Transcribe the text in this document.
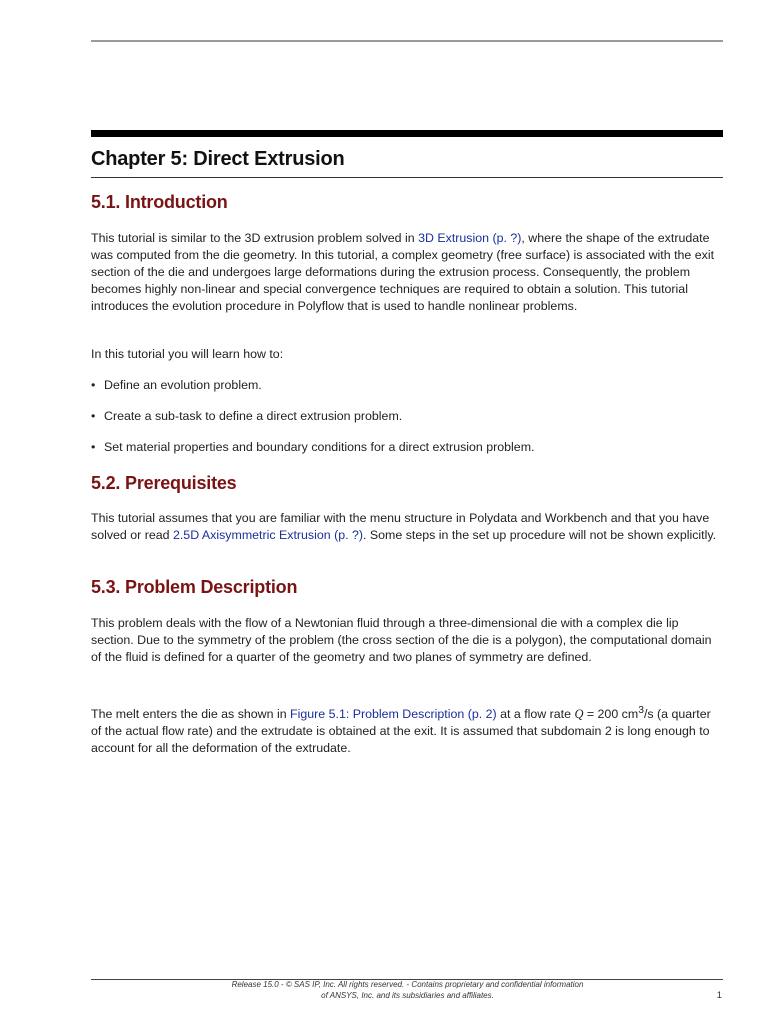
Chapter 5: Direct Extrusion
5.1. Introduction

This tutorial is similar to the 3D extrusion problem solved in 3D Extrusion (p. ?), where the shape of the extrudate was computed from the die geometry. In this tutorial, a complex geometry (free surface) is associated with the exit section of the die and undergoes large deformations during the extrusion process. Consequently, the problem becomes highly non-linear and special convergence techniques are required to obtain a solution. This tutorial introduces the evolution procedure in Polyflow that is used to handle nonlinear problems.

In this tutorial you will learn how to:

• Define an evolution problem.
• Create a sub-task to define a direct extrusion problem.
• Set material properties and boundary conditions for a direct extrusion problem.
5.2. Prerequisites

This tutorial assumes that you are familiar with the menu structure in Polydata and Workbench and that you have solved or read 2.5D Axisymmetric Extrusion (p. ?). Some steps in the set up procedure will not be shown explicitly.

5.3. Problem Description

This problem deals with the flow of a Newtonian fluid through a three-dimensional die with a complex die lip section. Due to the symmetry of the problem (the cross section of the die is a polygon), the computational domain of the fluid is defined for a quarter of the geometry and two planes of symmetry are defined.

The melt enters the die as shown in Figure 5.1: Problem Description (p. 2) at a flow rate Q = 200 $cm^3/s$ (a quarter of the actual flow rate) and the extrudate is obtained at the exit. It is assumed that subdomain 2 is long enough to account for all the deformation of the extrudate.

Release 15.0 - © SAS IP, Inc. All rights reserved. - Contains proprietary and confidential information
of ANSYS, Inc. and its subsidiaries and affiliates.	1
